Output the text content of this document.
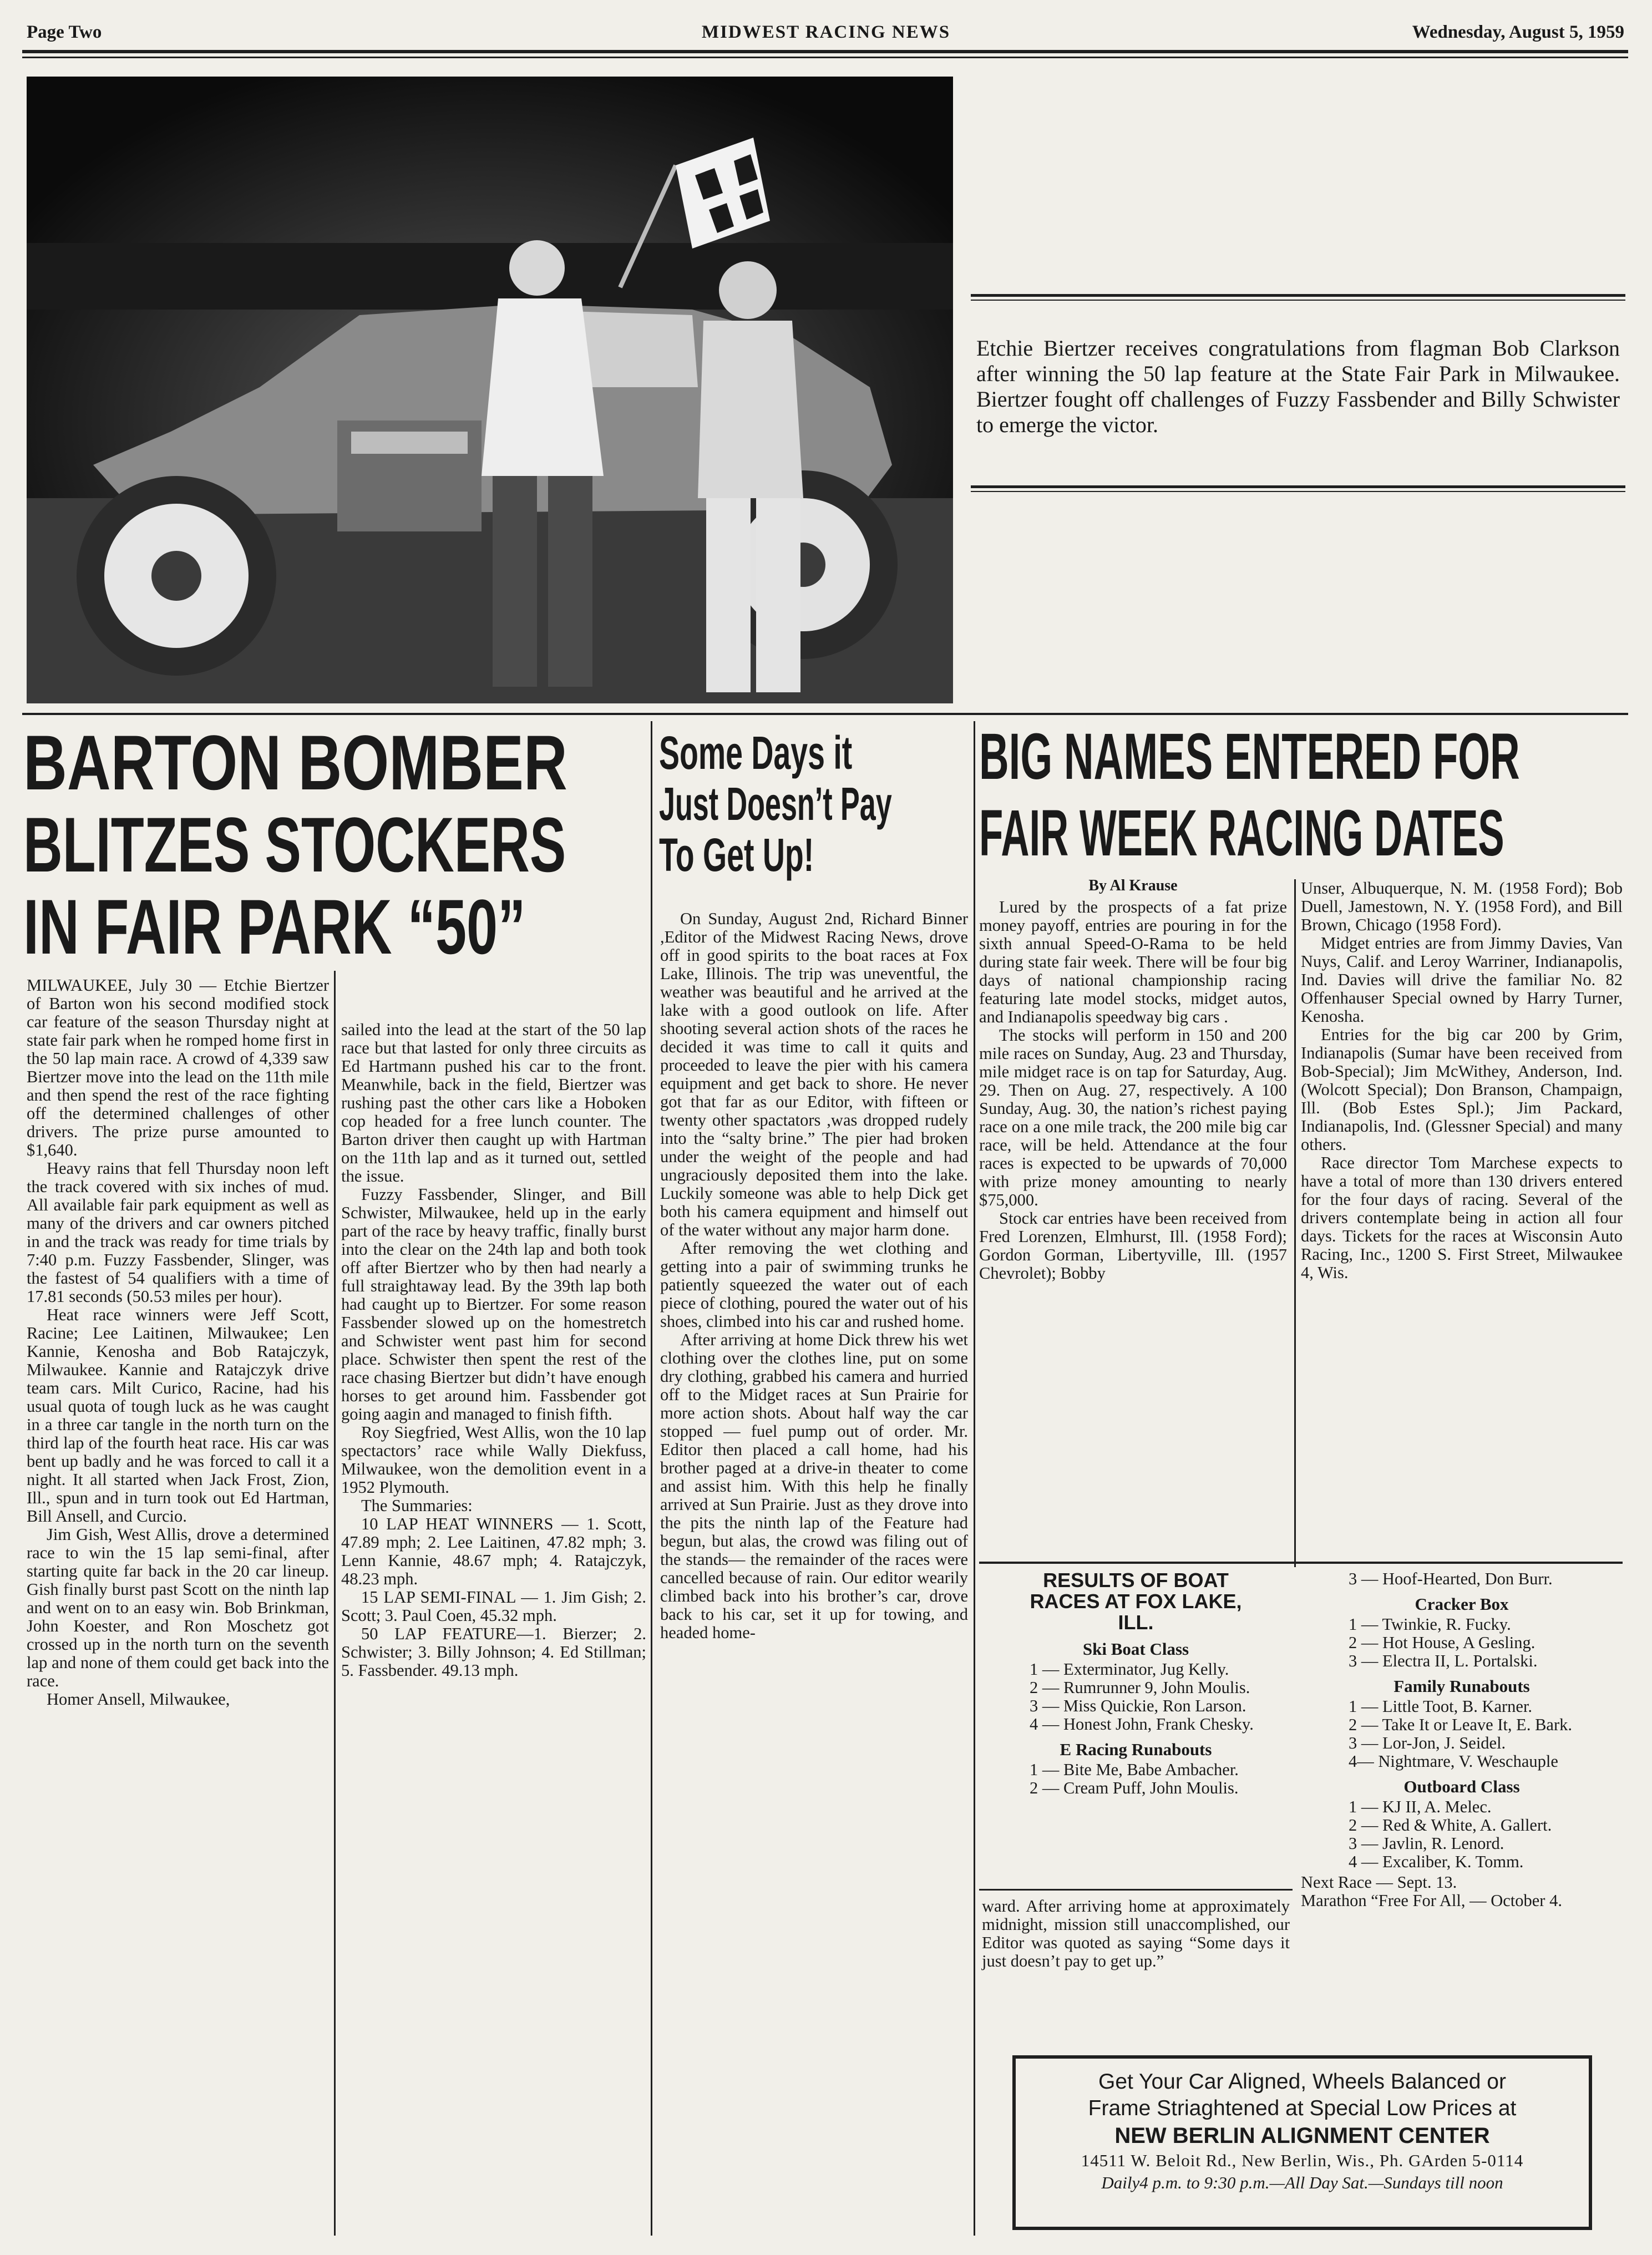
Page Two	MIDWEST RACING NEWS	Wednesday, August 5, 1959
Etchie Biertzer receives congratulations from flagman Bob Clarkson after winning the 50 lap feature at the State Fair Park in Milwaukee. Biertzer fought off challenges of Fuzzy Fassbender and Billy Schwister to emerge the victor.
BARTON BOMBER
BLITZES STOCKERS
IN FAIR PARK “50”

MILWAUKEE, July 30 — Etchie Biertzer of Barton won his second modified stock car feature of the season Thursday night at state fair park when he romped home first in the 50 lap main race. A crowd of 4,339 saw Biertzer move into the lead on the 11th mile and then spend the rest of the race fighting off the determined challenges of other drivers. The prize purse amounted to $1,640.

Heavy rains that fell Thursday noon left the track covered with six inches of mud. All available fair park equipment as well as many of the drivers and car owners pitched in and the track was ready for time trials by 7:40 p.m. Fuzzy Fassbender, Slinger, was the fastest of 54 qualifiers with a time of 17.81 seconds (50.53 miles per hour).

Heat race winners were Jeff Scott, Racine; Lee Laitinen, Milwaukee; Len Kannie, Kenosha and Bob Ratajczyk, Milwaukee. Kannie and Ratajczyk drive team cars. Milt Curico, Racine, had his usual quota of tough luck as he was caught in a three car tangle in the north turn on the third lap of the fourth heat race. His car was bent up badly and he was forced to call it a night. It all started when Jack Frost, Zion, Ill., spun and in turn took out Ed Hartman, Bill Ansell, and Curcio.

Jim Gish, West Allis, drove a determined race to win the 15 lap semi-final, after starting quite far back in the 20 car lineup. Gish finally burst past Scott on the ninth lap and went on to an easy win. Bob Brinkman, John Koester, and Ron Moschetz got crossed up in the north turn on the seventh lap and none of them could get back into the race.

Homer Ansell, Milwaukee,

sailed into the lead at the start of the 50 lap race but that lasted for only three circuits as Ed Hartmann pushed his car to the front. Meanwhile, back in the field, Biertzer was rushing past the other cars like a Hoboken cop headed for a free lunch counter. The Barton driver then caught up with Hartman on the 11th lap and as it turned out, settled the issue.

Fuzzy Fassbender, Slinger, and Bill Schwister, Milwaukee, held up in the early part of the race by heavy traffic, finally burst into the clear on the 24th lap and both took off after Biertzer who by then had nearly a full straightaway lead. By the 39th lap both had caught up to Biertzer. For some reason Fassbender slowed up on the homestretch and Schwister went past him for second place. Schwister then spent the rest of the race chasing Biertzer but didn’t have enough horses to get around him. Fassbender got going aagin and managed to finish fifth.

Roy Siegfried, West Allis, won the 10 lap spectactors’ race while Wally Diekfuss, Milwaukee, won the demolition event in a 1952 Plymouth.

The Summaries:

10 LAP HEAT WINNERS — 1. Scott, 47.89 mph; 2. Lee Laitinen, 47.82 mph; 3. Lenn Kannie, 48.67 mph; 4. Ratajczyk, 48.23 mph.

15 LAP SEMI-FINAL — 1. Jim Gish; 2. Scott; 3. Paul Coen, 45.32 mph.

50 LAP FEATURE—1. Bierzer; 2. Schwister; 3. Billy Johnson; 4. Ed Stillman; 5. Fassbender. 49.13 mph.

Some Days it
Just Doesn’t Pay
To Get Up!

On Sunday, August 2nd, Richard Binner ,Editor of the Midwest Racing News, drove off in good spirits to the boat races at Fox Lake, Illinois. The trip was uneventful, the weather was beautiful and he arrived at the lake with a good outlook on life. After shooting several action shots of the races he decided it was time to call it quits and proceeded to leave the pier with his camera equipment and get back to shore. He never got that far as our Editor, with fifteen or twenty other spactators ,was dropped rudely into the “salty brine.” The pier had broken under the weight of the people and had ungraciously deposited them into the lake. Luckily someone was able to help Dick get both his camera equipment and himself out of the water without any major harm done.

After removing the wet clothing and getting into a pair of swimming trunks he patiently squeezed the water out of each piece of clothing, poured the water out of his shoes, climbed into his car and rushed home.

After arriving at home Dick threw his wet clothing over the clothes line, put on some dry clothing, grabbed his camera and hurried off to the Midget races at Sun Prairie for more action shots. About half way the car stopped — fuel pump out of order. Mr. Editor then placed a call home, had his brother paged at a drive-in theater to come and assist him. With this help he finally arrived at Sun Prairie. Just as they drove into the pits the ninth lap of the Feature had begun, but alas, the crowd was filing out of the stands— the remainder of the races were cancelled because of rain. Our editor wearily climbed back into his brother’s car, drove back to his car, set it up for towing, and headed home-

BIG NAMES ENTERED FOR
FAIR WEEK RACING DATES
By Al Krause

Lured by the prospects of a fat prize money payoff, entries are pouring in for the sixth annual Speed-O-Rama to be held during state fair week. There will be four big days of national championship racing featuring late model stocks, midget autos, and Indianapolis speedway big cars .

The stocks will perform in 150 and 200 mile races on Sunday, Aug. 23 and Thursday, mile midget race is on tap for Saturday, Aug. 29. Then on Aug. 27, respectively. A 100 Sunday, Aug. 30, the nation’s richest paying race on a one mile track, the 200 mile big car race, will be held. Attendance at the four races is expected to be upwards of 70,000 with prize money amounting to nearly $75,000.

Stock car entries have been received from Fred Lorenzen, Elmhurst, Ill. (1958 Ford); Gordon Gorman, Libertyville, Ill. (1957 Chevrolet); Bobby

Unser, Albuquerque, N. M. (1958 Ford); Bob Duell, Jamestown, N. Y. (1958 Ford), and Bill Brown, Chicago (1958 Ford).

Midget entries are from Jimmy Davies, Van Nuys, Calif. and Leroy Warriner, Indianapolis, Ind. Davies will drive the familiar No. 82 Offenhauser Special owned by Harry Turner, Kenosha.

Entries for the big car 200 by Grim, Indianapolis (Sumar have been received from Bob-Special); Jim McWithey, Anderson, Ind. (Wolcott Special); Don Branson, Champaign, Ill. (Bob Estes Spl.); Jim Packard, Indianapolis, Ind. (Glessner Special) and many others.

Race director Tom Marchese expects to have a total of more than 130 drivers entered for the four days of racing. Several of the drivers contemplate being in action all four days. Tickets for the races at Wisconsin Auto Racing, Inc., 1200 S. First Street, Milwaukee 4, Wis.

RESULTS OF BOAT
RACES AT FOX LAKE,
ILL.
Ski Boat Class

1 — Exterminator, Jug Kelly.

2 — Rumrunner 9, John Moulis.

3 — Miss Quickie, Ron Larson.

4 — Honest John, Frank Chesky.

E Racing Runabouts

1 — Bite Me, Babe Ambacher.

2 — Cream Puff, John Moulis.

ward. After arriving home at approximately midnight, mission still unaccomplished, our Editor was quoted as saying “Some days it just doesn’t pay to get up.”

3 — Hoof-Hearted, Don Burr.

Cracker Box

1 — Twinkie, R. Fucky.

2 — Hot House, A Gesling.

3 — Electra II, L. Portalski.

Family Runabouts

1 — Little Toot, B. Karner.

2 — Take It or Leave It, E. Bark.

3 — Lor-Jon, J. Seidel.

4— Nightmare, V. Weschauple

Outboard Class

1 — KJ II, A. Melec.

2 — Red & White, A. Gallert.

3 — Javlin, R. Lenord.

4 — Excaliber, K. Tomm.

Next Race — Sept. 13.

Marathon “Free For All, — October 4.

Get Your Car Aligned, Wheels Balanced or
Frame Striaghtened at Special Low Prices at
NEW BERLIN ALIGNMENT CENTER
14511 W. Beloit Rd., New Berlin, Wis., Ph. GArden 5-0114
Daily4 p.m. to 9:30 p.m.—All Day Sat.—Sundays till noon
